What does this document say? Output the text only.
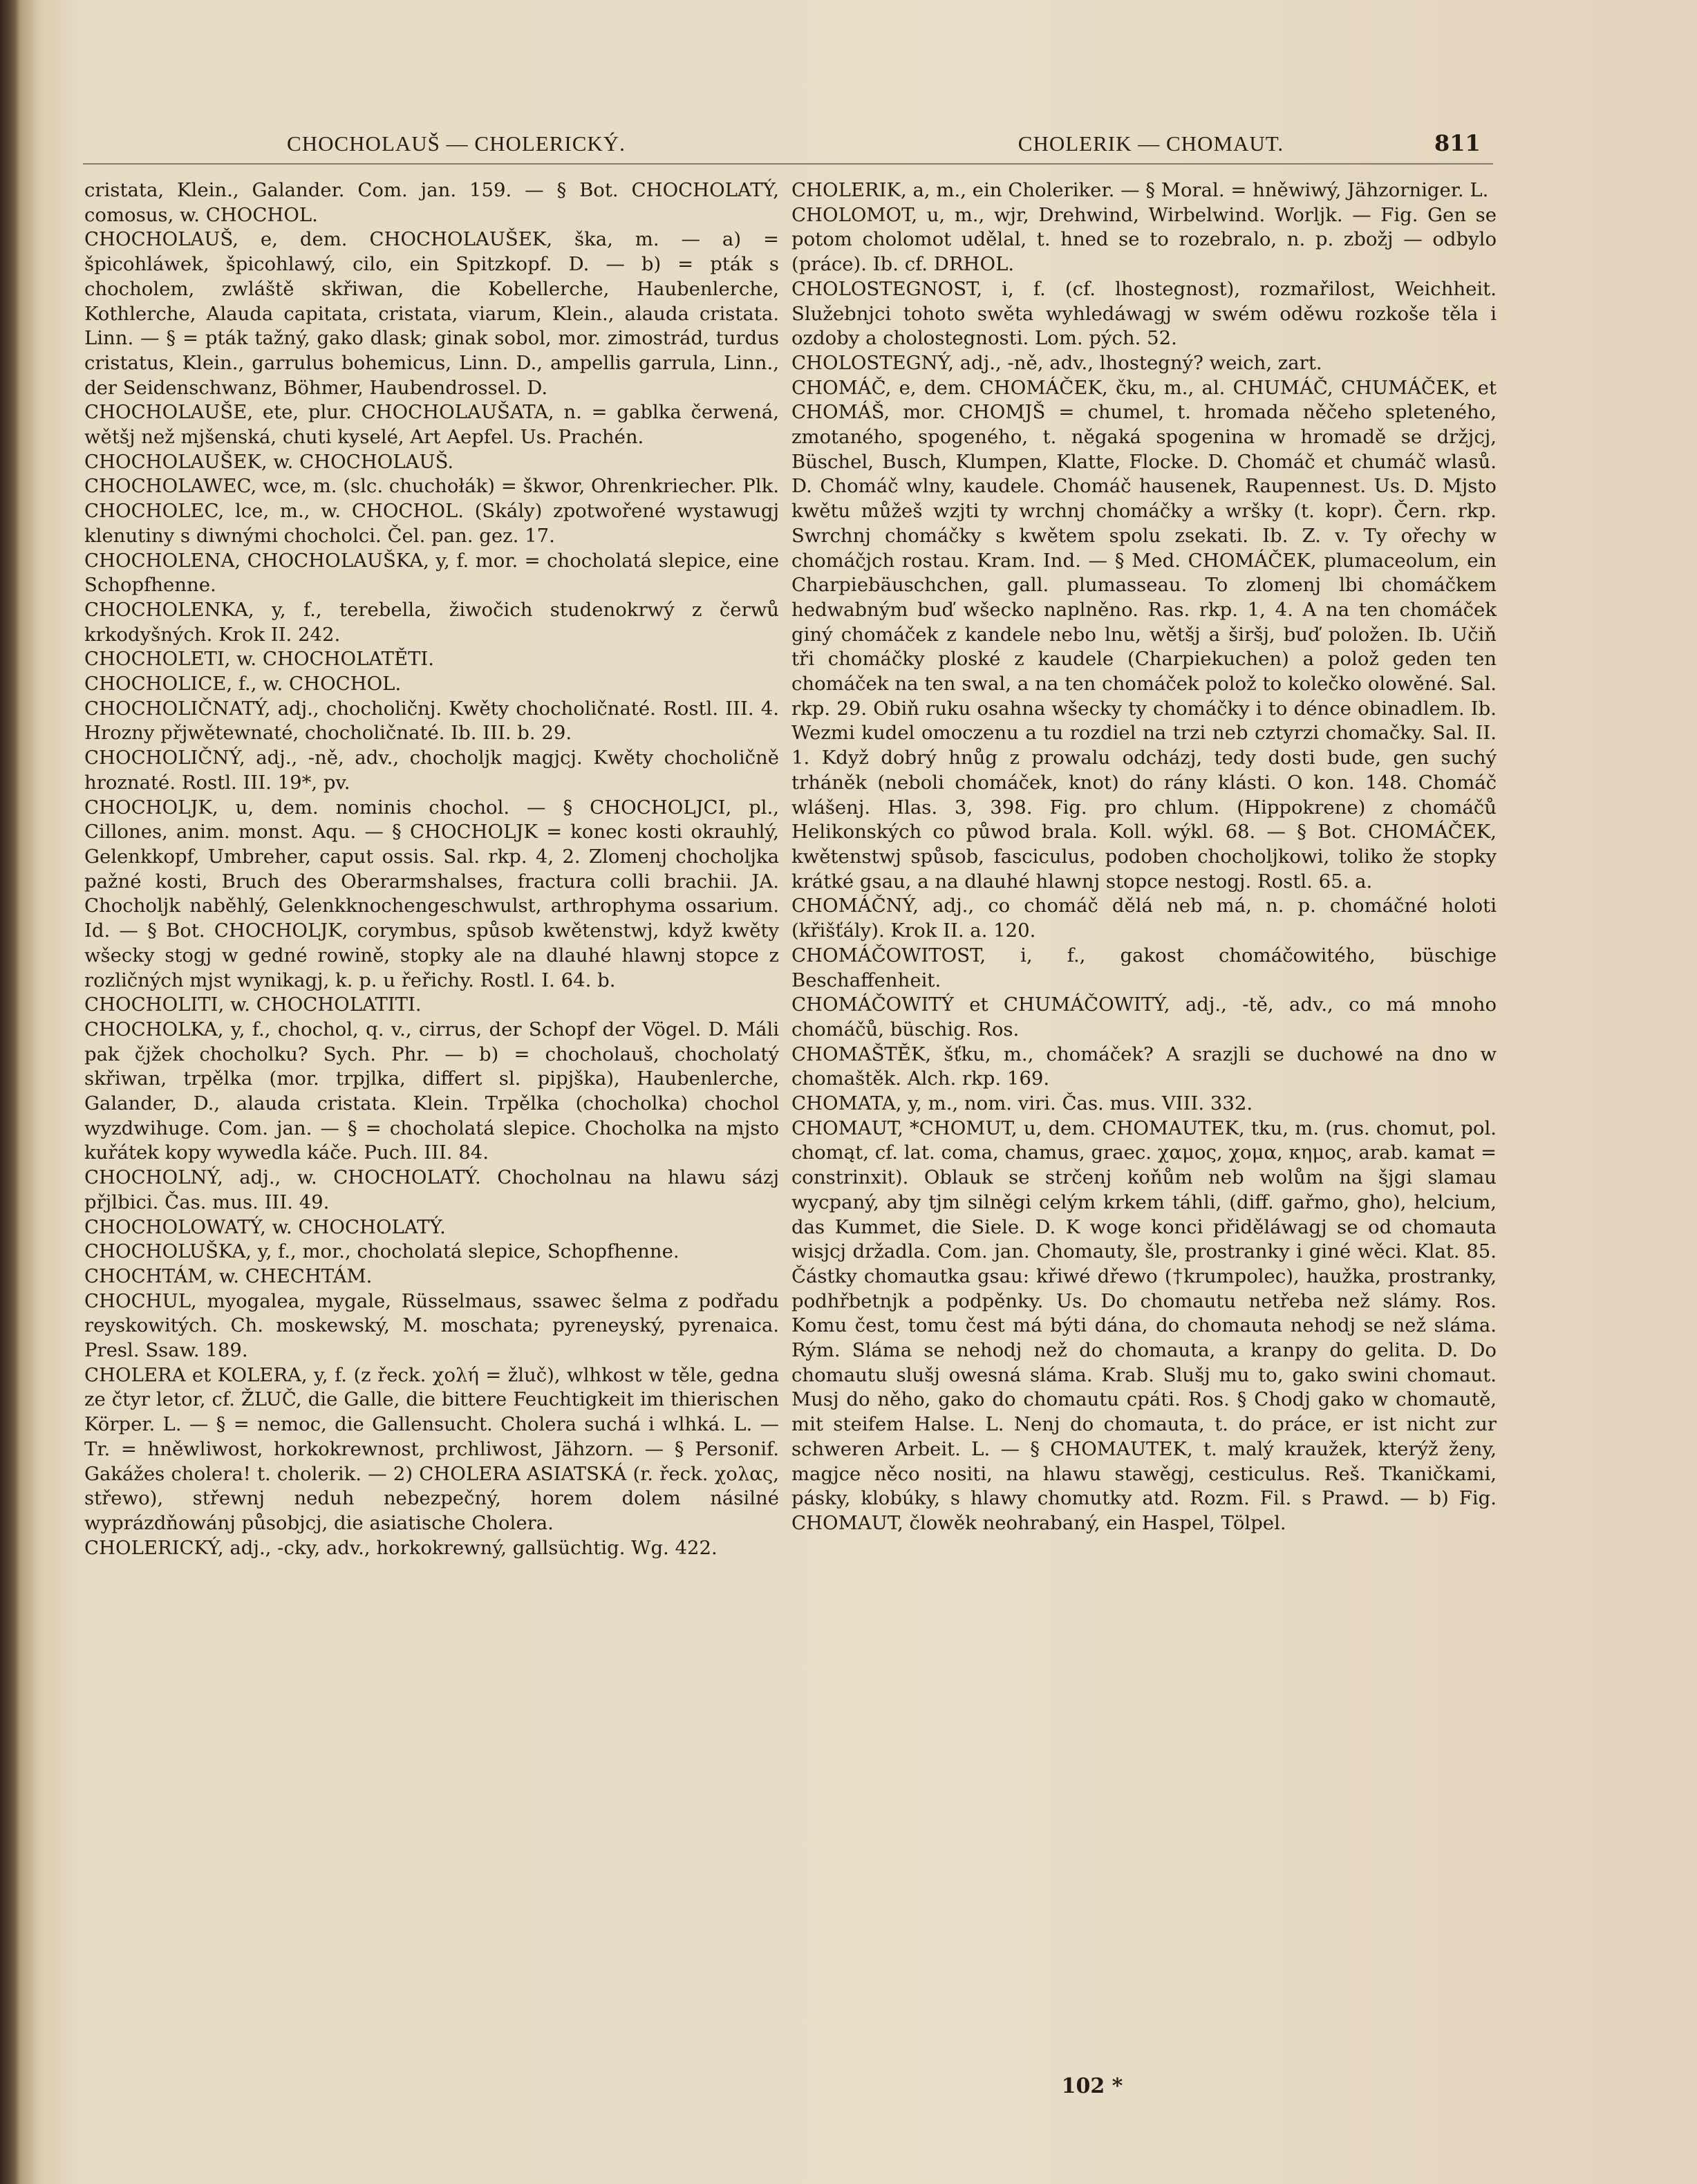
CHOCHOLAUŠ — CHOLERICKÝ.	CHOLERIK — CHOMAUT.	811

cristata, Klein., Galander. Com. jan. 159. — § Bot. CHOCHOLATÝ, comosus, w. CHOCHOL.

CHOCHOLAUŠ, e, dem. CHOCHOLAUŠEK, ška, m. — a) = špicohláwek, špicohlawý, cilo, ein Spitzkopf. D. — b) = pták s chocholem, zwláště skřiwan, die Kobellerche, Haubenlerche, Kothlerche, Alauda capitata, cristata, viarum, Klein., alauda cristata. Linn. — § = pták tažný, gako dlask; ginak sobol, mor. zimostrád, turdus cristatus, Klein., garrulus bohemicus, Linn. D., ampellis garrula, Linn., der Seidenschwanz, Böhmer, Haubendrossel. D.

CHOCHOLAUŠE, ete, plur. CHOCHOLAUŠATA, n. = gablka čerwená, wětšj než mjšenská, chuti kyselé, Art Aepfel. Us. Prachén.

CHOCHOLAUŠEK, w. CHOCHOLAUŠ.

CHOCHOLAWEC, wce, m. (slc. chuchołák) = škwor, Ohrenkriecher. Plk.

CHOCHOLEC, lce, m., w. CHOCHOL. (Skály) zpotwořené wystawugj klenutiny s diwnými chocholci. Čel. pan. gez. 17.

CHOCHOLENA, CHOCHOLAUŠKA, y, f. mor. = chocholatá slepice, eine Schopfhenne.

CHOCHOLENKA, y, f., terebella, žiwočich studenokrwý z čerwů krkodyšných. Krok II. 242.

CHOCHOLETI, w. CHOCHOLATĚTI.

CHOCHOLICE, f., w. CHOCHOL.

CHOCHOLIČNATÝ, adj., chocholičnj. Kwěty chocholičnaté. Rostl. III. 4. Hrozny přjwětewnaté, chocholičnaté. Ib. III. b. 29.

CHOCHOLIČNÝ, adj., -ně, adv., chocholjk magjcj. Kwěty chocholičně hroznaté. Rostl. III. 19*, pv.

CHOCHOLJK, u, dem. nominis chochol. — § CHOCHOLJCI, pl., Cillones, anim. monst. Aqu. — § CHOCHOLJK = konec kosti okrauhlý, Gelenkkopf, Umbreher, caput ossis. Sal. rkp. 4, 2. Zlomenj chocholjka pažné kosti, Bruch des Oberarmshalses, fractura colli brachii. JA. Chocholjk naběhlý, Gelenkknochengeschwulst, arthrophyma ossarium. Id. — § Bot. CHOCHOLJK, corymbus, spůsob kwětenstwj, když kwěty wšecky stogj w gedné rowině, stopky ale na dlauhé hlawnj stopce z rozličných mjst wynikagj, k. p. u řeřichy. Rostl. I. 64. b.

CHOCHOLITI, w. CHOCHOLATITI.

CHOCHOLKA, y, f., chochol, q. v., cirrus, der Schopf der Vögel. D. Máli pak čjžek chocholku? Sych. Phr. — b) = chocholauš, chocholatý skřiwan, trpělka (mor. trpjlka, differt sl. pipjška), Haubenlerche, Galander, D., alauda cristata. Klein. Trpělka (chocholka) chochol wyzdwihuge. Com. jan. — § = chocholatá slepice. Chocholka na mjsto kuřátek kopy wywedla káče. Puch. III. 84.

CHOCHOLNÝ, adj., w. CHOCHOLATÝ. Chocholnau na hlawu sázj přjlbici. Čas. mus. III. 49.

CHOCHOLOWATÝ, w. CHOCHOLATÝ.

CHOCHOLUŠKA, y, f., mor., chocholatá slepice, Schopfhenne.

CHOCHTÁM, w. CHECHTÁM.

CHOCHUL, myogalea, mygale, Rüsselmaus, ssawec šelma z podřadu reyskowitých. Ch. moskewský, M. moschata; pyreneyský, pyrenaica. Presl. Ssaw. 189.

CHOLERA et KOLERA, y, f. (z řeck. χολή = žluč), wlhkost w těle, gedna ze čtyr letor, cf. ŽLUČ, die Galle, die bittere Feuchtigkeit im thierischen Körper. L. — § = nemoc, die Gallensucht. Cholera suchá i wlhká. L. — Tr. = hněwliwost, horkokrewnost, prchliwost, Jähzorn. — § Personif. Gakážes cholera! t. cholerik. — 2) CHOLERA ASIATSKÁ (r. řeck. χολας, střewo), střewnj neduh nebezpečný, horem dolem násilné wyprázdňowánj působjcj, die asiatische Cholera.

CHOLERICKÝ, adj., -cky, adv., horkokrewný, gallsüchtig. Wg. 422.

CHOLERIK, a, m., ein Choleriker. — § Moral. = hněwiwý, Jähzorniger. L.

CHOLOMOT, u, m., wjr, Drehwind, Wirbelwind. Worljk. — Fig. Gen se potom cholomot udělal, t. hned se to rozebralo, n. p. zbožj — odbylo (práce). Ib. cf. DRHOL.

CHOLOSTEGNOST, i, f. (cf. lhostegnost), rozmařilost, Weichheit. Služebnjci tohoto swěta wyhledáwagj w swém oděwu rozkoše těla i ozdoby a cholostegnosti. Lom. pých. 52.

CHOLOSTEGNÝ, adj., -ně, adv., lhostegný? weich, zart.

CHOMÁČ, e, dem. CHOMÁČEK, čku, m., al. CHUMÁČ, CHUMÁČEK, et CHOMÁŠ, mor. CHOMJŠ = chumel, t. hromada něčeho spleteného, zmotaného, spogeného, t. něgaká spogenina w hromadě se držjcj, Büschel, Busch, Klumpen, Klatte, Flocke. D. Chomáč et chumáč wlasů. D. Chomáč wlny, kaudele. Chomáč hausenek, Raupennest. Us. D. Mjsto kwětu můžeš wzjti ty wrchnj chomáčky a wršky (t. kopr). Čern. rkp. Swrchnj chomáčky s kwětem spolu zsekati. Ib. Z. v. Ty ořechy w chomáčjch rostau. Kram. Ind. — § Med. CHOMÁČEK, plumaceolum, ein Charpiebäuschchen, gall. plumasseau. To zlomenj lbi chomáčkem hedwabným buď wšecko naplněno. Ras. rkp. 1, 4. A na ten chomáček giný chomáček z kandele nebo lnu, wětšj a širšj, buď položen. Ib. Učiň tři chomáčky ploské z kaudele (Charpiekuchen) a polož geden ten chomáček na ten swal, a na ten chomáček polož to kolečko olowěné. Sal. rkp. 29. Obiň ruku osahna wšecky ty chomáčky i to dénce obinadlem. Ib. Wezmi kudel omoczenu a tu rozdiel na trzi neb cztyrzi chomačky. Sal. II. 1. Když dobrý hnůg z prowalu odcházj, tedy dosti bude, gen suchý trháněk (neboli chomáček, knot) do rány klásti. O kon. 148. Chomáč wlášenj. Hlas. 3, 398. Fig. pro chlum. (Hippokrene) z chomáčů Helikonských co půwod brala. Koll. wýkl. 68. — § Bot. CHOMÁČEK, kwětenstwj spůsob, fasciculus, podoben chocholjkowi, toliko že stopky krátké gsau, a na dlauhé hlawnj stopce nestogj. Rostl. 65. a.

CHOMÁČNÝ, adj., co chomáč dělá neb má, n. p. chomáčné holoti (křišťály). Krok II. a. 120.

CHOMÁČOWITOST, i, f., gakost chomáčowitého, büschige Beschaffenheit.

CHOMÁČOWITÝ et CHUMÁČOWITÝ, adj., -tě, adv., co má mnoho chomáčů, büschig. Ros.

CHOMAŠTĚK, šťku, m., chomáček? A srazjli se duchowé na dno w chomaštěk. Alch. rkp. 169.

CHOMATA, y, m., nom. viri. Čas. mus. VIII. 332.

CHOMAUT, *CHOMUT, u, dem. CHOMAUTEK, tku, m. (rus. chomut, pol. chomąt, cf. lat. coma, chamus, graec. χαμος, χομα, κημος, arab. kamat = constrinxit). Oblauk se strčenj koňům neb wolům na šjgi slamau wycpaný, aby tjm silněgi celým krkem táhli, (diff. gařmo, gho), helcium, das Kummet, die Siele. D. K woge konci přiděláwagj se od chomauta wisjcj držadla. Com. jan. Chomauty, šle, prostranky i giné wěci. Klat. 85. Částky chomautka gsau: křiwé dřewo (†krumpolec), haužka, prostranky, podhřbetnjk a podpěnky. Us. Do chomautu netřeba než slámy. Ros. Komu čest, tomu čest má býti dána, do chomauta nehodj se než sláma. Rým. Sláma se nehodj než do chomauta, a kranpy do gelita. D. Do chomautu slušj owesná sláma. Krab. Slušj mu to, gako swini chomaut. Musj do něho, gako do chomautu cpáti. Ros. § Chodj gako w chomautě, mit steifem Halse. L. Nenj do chomauta, t. do práce, er ist nicht zur schweren Arbeit. L. — § CHOMAUTEK, t. malý kraužek, kterýž ženy, magjce něco nositi, na hlawu stawěgj, cesticulus. Reš. Tkaničkami, pásky, klobúky, s hlawy chomutky atd. Rozm. Fil. s Prawd. — b) Fig. CHOMAUT, člowěk neohrabaný, ein Haspel, Tölpel.

102 *
